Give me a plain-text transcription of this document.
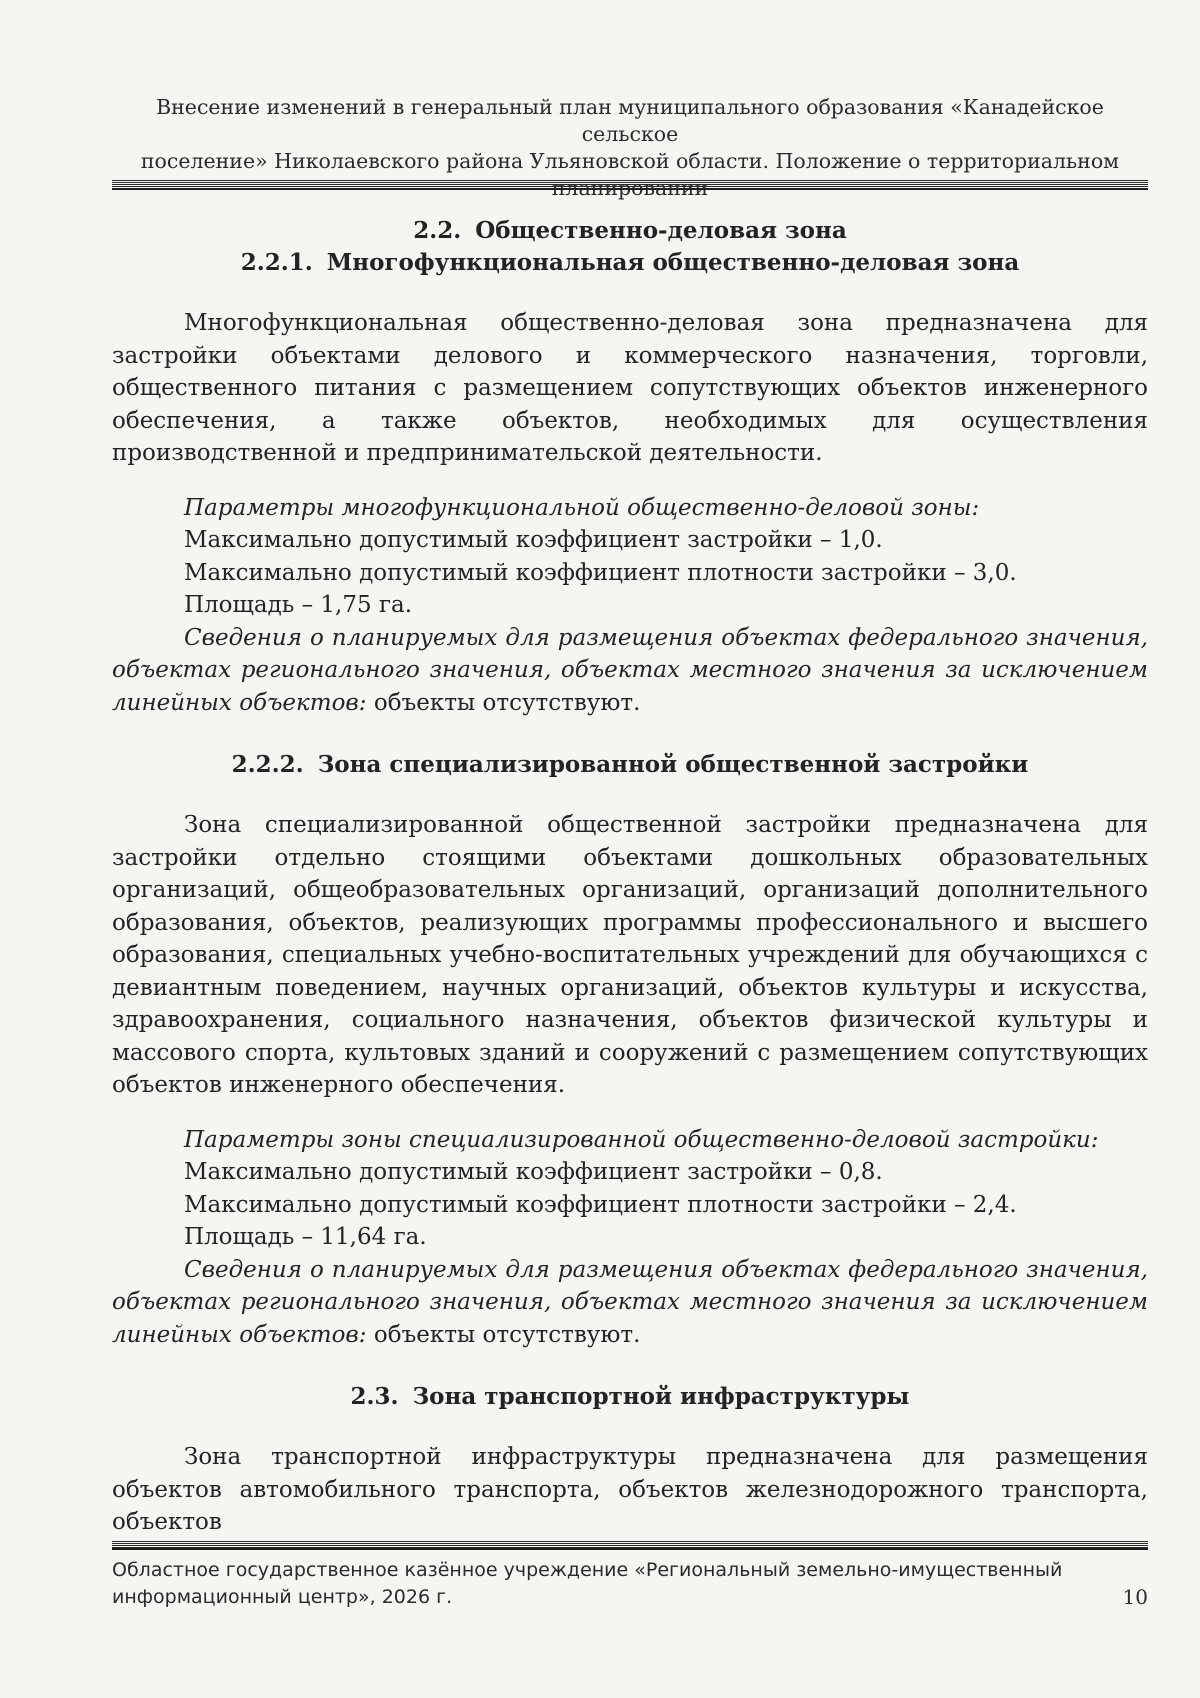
Внесение изменений в генеральный план муниципального образования «Канадейское сельское
поселение» Николаевского района Ульяновской области. Положение о территориальном
2.2. Общественно-деловая зона
2.2.1. Многофункциональная общественно-деловая зона

Многофункциональная общественно-деловая зона предназначена для застройки объектами делового и коммерческого назначения, торговли, общественного питания с размещением сопутствующих объектов инженерного обеспечения, а также объектов, необходимых для осуществления производственной и предпринимательской деятельности.

Параметры многофункциональной общественно-деловой зоны:

Максимально допустимый коэффициент застройки – 1,0.

Максимально допустимый коэффициент плотности застройки – 3,0.

Площадь – 1,75 га.

Сведения о планируемых для размещения объектах федерального значения, объектах регионального значения, объектах местного значения за исключением линейных объектов: объекты отсутствуют.

2.2.2. Зона специализированной общественной застройки

Зона специализированной общественной застройки предназначена для застройки отдельно стоящими объектами дошкольных образовательных организаций, общеобразовательных организаций, организаций дополнительного образования, объектов, реализующих программы профессионального и высшего образования, специальных учебно-воспитательных учреждений для обучающихся с девиантным поведением, научных организаций, объектов культуры и искусства, здравоохранения, социального назначения, объектов физической культуры и массового спорта, культовых зданий и сооружений с размещением сопутствующих объектов инженерного обеспечения.

Параметры зоны специализированной общественно-деловой застройки:

Максимально допустимый коэффициент застройки – 0,8.

Максимально допустимый коэффициент плотности застройки – 2,4.

Площадь – 11,64 га.

Сведения о планируемых для размещения объектах федерального значения, объектах регионального значения, объектах местного значения за исключением линейных объектов: объекты отсутствуют.

2.3. Зона транспортной инфраструктуры

Зона транспортной инфраструктуры предназначена для размещения объектов автомобильного транспорта, объектов железнодорожного транспорта, объектов

Областное государственное казённое учреждение «Региональный земельно-имущественный
информационный центр», 2026 г.	10
